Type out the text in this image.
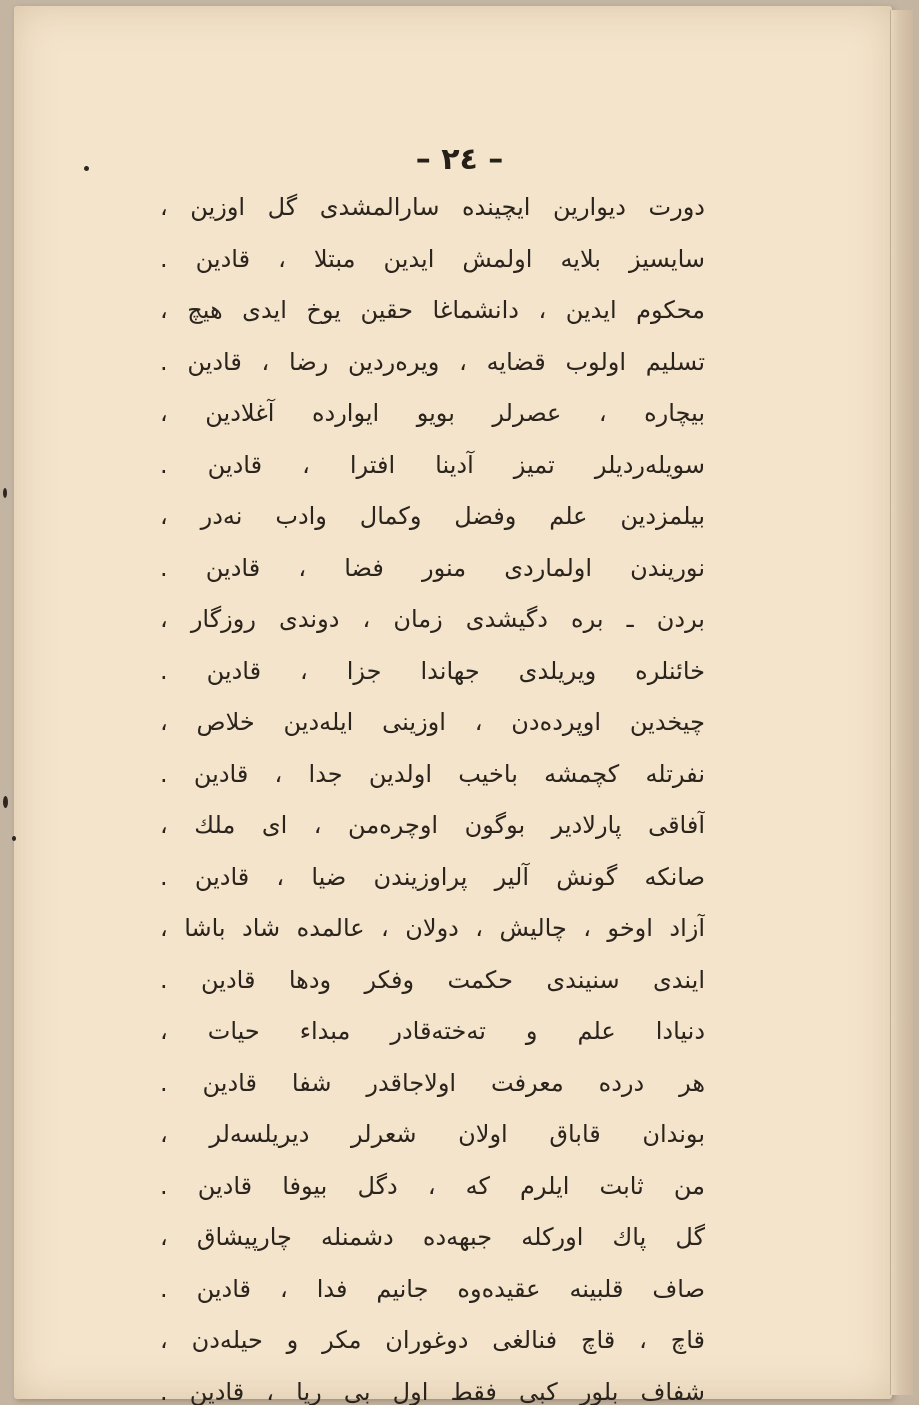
– ٢٤ –
دورت ديوارين ايچينده سارالمشدی گل اوزين ،
سايسيز بلايه اولمش ايدين مبتلا ، قادين .
محكوم ايدين ، دانشماغا حقين يوخ ايدی هيچ ،
تسليم اولوب قضايه ، ويرەردين رضا ، قادين .
بيچاره ، عصرلر بويو ايوارده آغلادين ،
سويلەرديلر تميز آدينا افترا ، قادين .
بيلمزدين علم وفضل وكمال وادب نەدر ،
نوريندن اولماردی منور فضا ، قادين .
بردن ـ بره دگيشدی زمان ، دوندی روزگار ،
خائنلره ويريلدی جهاندا جزا ، قادين .
چيخدين اوپردەدن ، اوزينی ايلەدين خلاص ،
نفرتله كچمشه باخيب اولدين جدا ، قادين .
آفاقی پارلادير بوگون اوچرەمن ، ای ملك ،
صانكه گونش آلير پراوزيندن ضيا ، قادين .
آزاد اوخو ، چاليش ، دولان ، عالمده شاد باشا ،
ايندی سنيندی حكمت وفكر ودها قادين .
دنيادا علم و تەختەقادر مبداء حيات ،
هر درده معرفت اولاجاقدر شفا قادين .
بوندان قاباق اولان شعرلر ديريلسەلر ،
من ثابت ايلرم كه ، دگل بيوفا قادين .
گل پاك اوركله جبهەده دشمنله چارپيشاق ،
صاف قلبينه عقيدەوه جانيم فدا ، قادين .
قاچ ، قاچ فنالغی دوغوران مكر و حيلەدن ،
شفاف بلور كبی فقط اول بی ريا ، قادين .
